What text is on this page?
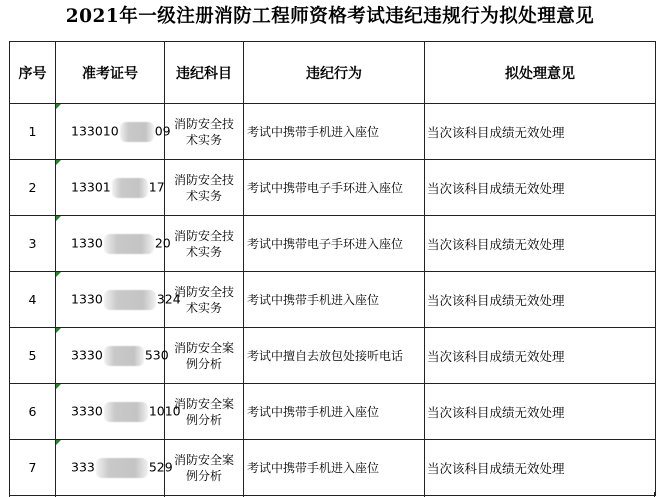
2021年一级注册消防工程师资格考试违纪违规行为拟处理意见
序号	准考证号	违纪科目	违纪行为	拟处理意见
1	133010 09	消防安全技术实务	考试中携带手机进入座位	当次该科目成绩无效处理
2	13301 17	消防安全技术实务	考试中携带电子手环进入座位	当次该科目成绩无效处理
3	1330 20	消防安全技术实务	考试中携带电子手环进入座位	当次该科目成绩无效处理
4	1330 324	消防安全技术实务	考试中携带手机进入座位	当次该科目成绩无效处理
5	3330 530	消防安全案例分析	考试中擅自去放包处接听电话	当次该科目成绩无效处理
6	3330 1010	消防安全案例分析	考试中携带手机进入座位	当次该科目成绩无效处理
7	333 529	消防安全案例分析	考试中携带手机进入座位	当次该科目成绩无效处理
